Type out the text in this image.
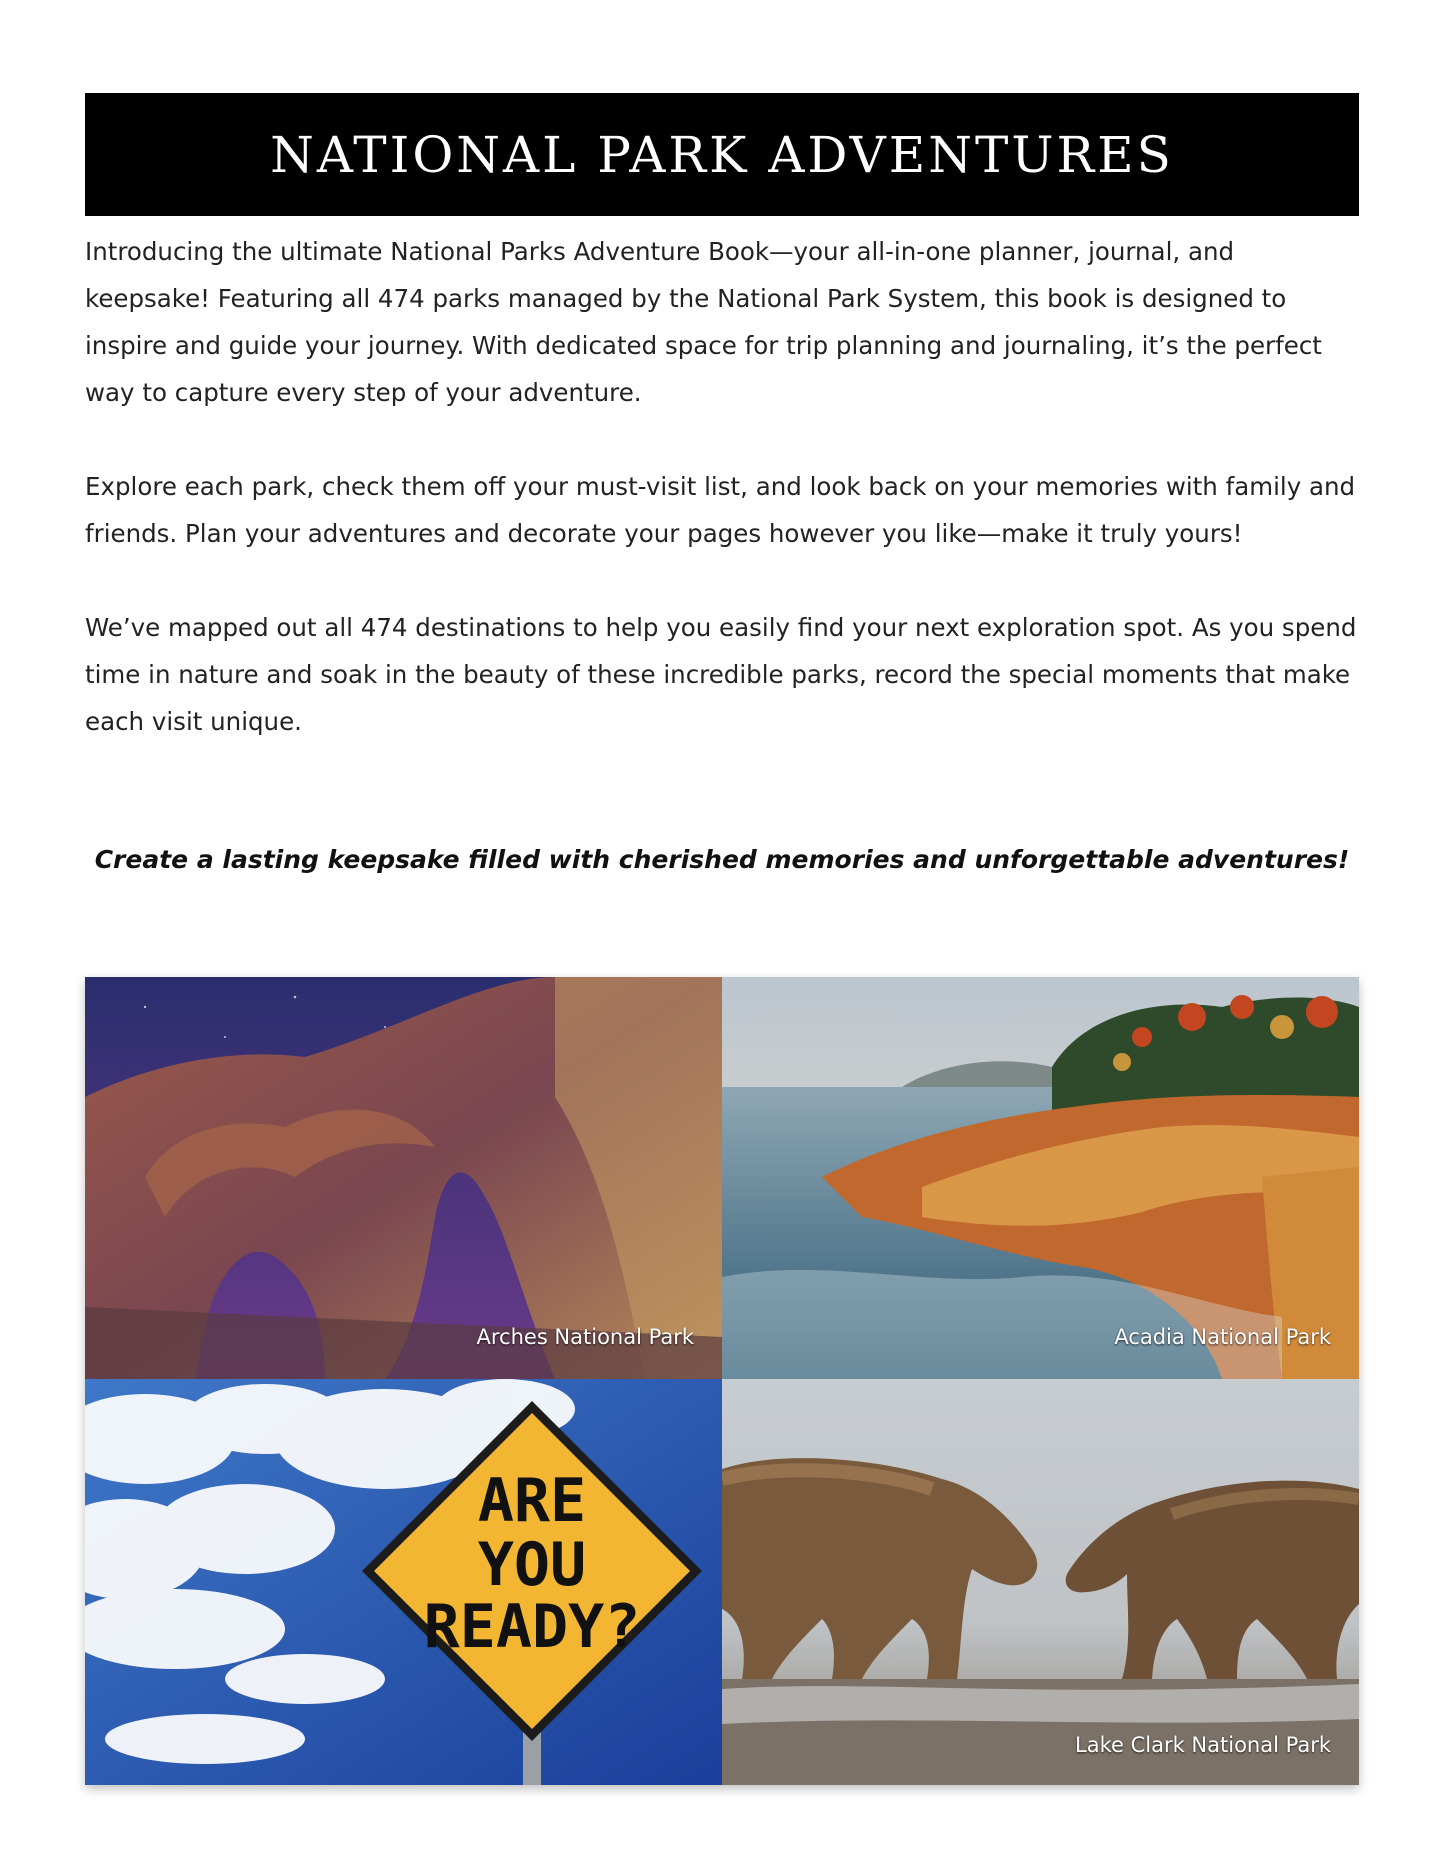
NATIONAL PARK ADVENTURES

Introducing the ultimate National Parks Adventure Book—your all-in-one planner, journal, and keepsake! Featuring all 474 parks managed by the National Park System, this book is designed to inspire and guide your journey. With dedicated space for trip planning and journaling, it’s the perfect way to capture every step of your adventure.

Explore each park, check them off your must-visit list, and look back on your memories with family and friends. Plan your adventures and decorate your pages however you like—make it truly yours!

We’ve mapped out all 474 destinations to help you easily find your next exploration spot. As you spend time in nature and soak in the beauty of these incredible parks, record the special moments that make each visit unique.

Create a lasting keepsake filled with cherished memories and unforgettable adventures!
Arches National Park	Acadia National Park
ARE
YOU
READY?
Lake Clark National Park
